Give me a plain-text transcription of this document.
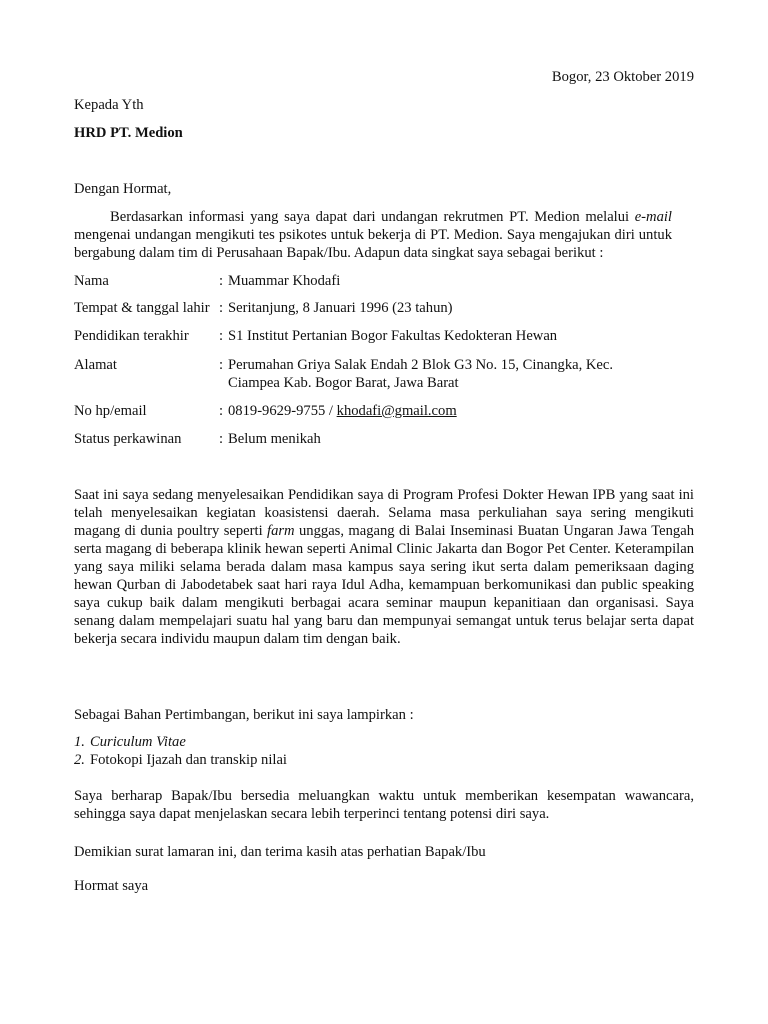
Bogor, 23 Oktober 2019
Kepada Yth
HRD PT. Medion
Dengan Hormat,
Berdasarkan informasi yang saya dapat dari undangan rekrutmen PT. Medion melalui e-mail mengenai undangan mengikuti tes psikotes untuk bekerja di PT. Medion. Saya mengajukan diri untuk bergabung dalam tim di Perusahaan Bapak/Ibu. Adapun data singkat saya sebagai berikut :
Nama	: Muammar Khodafi
Tempat & tanggal lahir : Seritanjung, 8 Januari 1996 (23 tahun)
Pendidikan terakhir	: S1 Institut Pertanian Bogor Fakultas Kedokteran Hewan
Alamat	: Perumahan Griya Salak Endah 2 Blok G3 No. 15, Cinangka, Kec.
Ciampea Kab. Bogor Barat, Jawa Barat
No hp/email	: 0819-9629-9755 / khodafi@gmail.com
Status perkawinan	: Belum menikah
Saat ini saya sedang menyelesaikan Pendidikan saya di Program Profesi Dokter Hewan IPB yang saat ini telah menyelesaikan kegiatan koasistensi daerah. Selama masa perkuliahan saya sering mengikuti magang di dunia poultry seperti farm unggas, magang di Balai Inseminasi Buatan Ungaran Jawa Tengah serta magang di beberapa klinik hewan seperti Animal Clinic Jakarta dan Bogor Pet Center. Keterampilan yang saya miliki selama berada dalam masa kampus saya sering ikut serta dalam pemeriksaan daging hewan Qurban di Jabodetabek saat hari raya Idul Adha, kemampuan berkomunikasi dan public speaking saya cukup baik dalam mengikuti berbagai acara seminar maupun kepanitiaan dan organisasi. Saya senang dalam mempelajari suatu hal yang baru dan mempunyai semangat untuk terus belajar serta dapat bekerja secara individu maupun dalam tim dengan baik.
Sebagai Bahan Pertimbangan, berikut ini saya lampirkan :
1. Curiculum Vitae
2. Fotokopi Ijazah dan transkip nilai
Saya berharap Bapak/Ibu bersedia meluangkan waktu untuk memberikan kesempatan wawancara, sehingga saya dapat menjelaskan secara lebih terperinci tentang potensi diri saya.
Demikian surat lamaran ini, dan terima kasih atas perhatian Bapak/Ibu
Hormat saya
